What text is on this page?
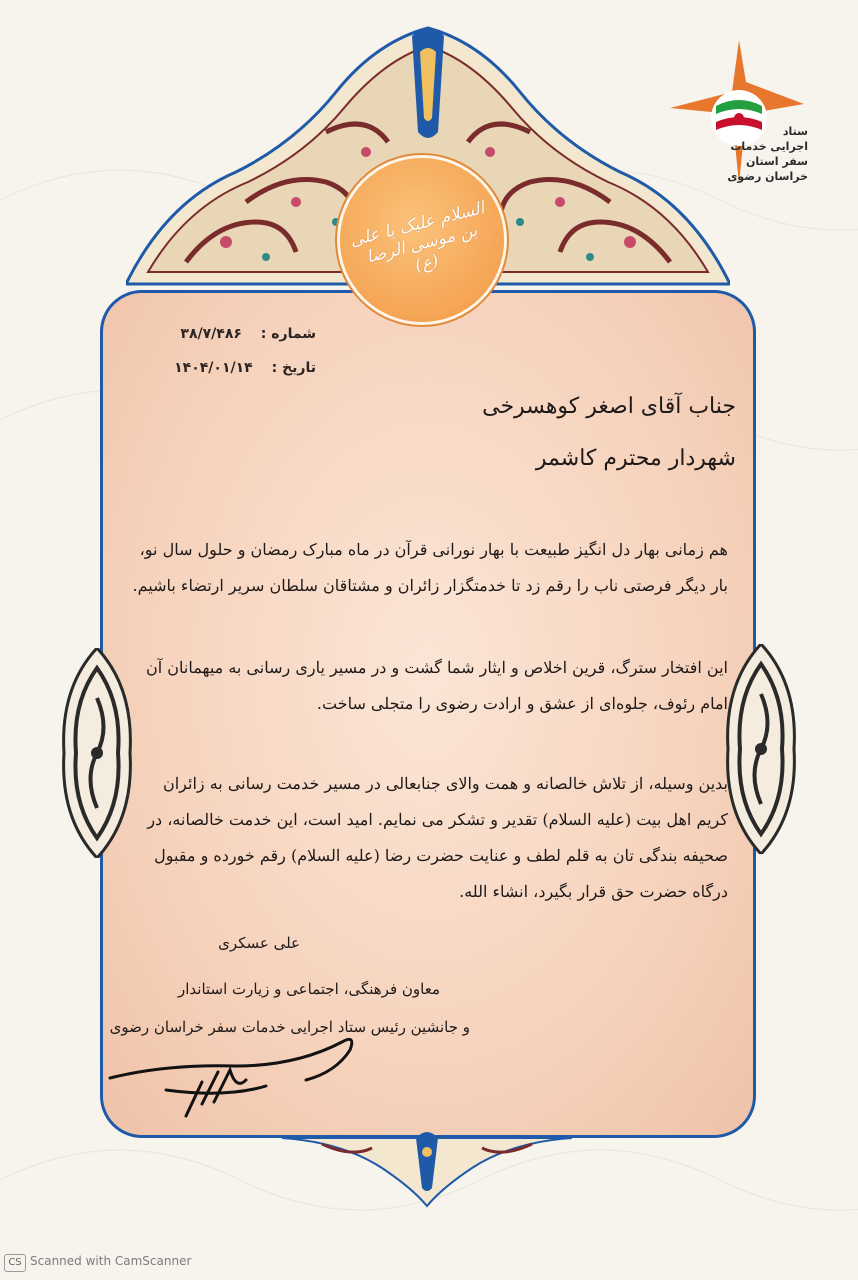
ستاد
اجرایی خدمات
سفر استان
خراسان رضوی
السلام علیک یا علی بن موسی الرضا (ع)
شماره : ۳۸/۷/۴۸۶
تاریخ : ۱۴۰۴/۰۱/۱۴
جناب آقای اصغر کوهسرخی
شهردار محترم کاشمر
هم زمانی بهار دل انگیز طبیعت با بهار نورانی قرآن در ماه مبارک رمضان و حلول سال نو، بار دیگر فرصتی ناب را رقم زد تا خدمتگزار زائران و مشتاقان سلطان سریر ارتضاء باشیم.
این افتخار سترگ، قرین اخلاص و ایثار شما گشت و در مسیر یاری رسانی به میهمانان آن امام رئوف، جلوه‌ای از عشق و ارادت رضوی را متجلی ساخت.
بدین وسیله، از تلاش خالصانه و همت والای جنابعالی در مسیر خدمت رسانی به زائران کریم اهل بیت (علیه السلام) تقدیر و تشکر می نمایم. امید است، این خدمت خالصانه، در صحیفه بندگی تان به قلم لطف و عنایت حضرت رضا (علیه السلام) رقم خورده و مقبول درگاه حضرت حق قرار بگیرد، انشاء الله.
علی عسکری
معاون فرهنگی، اجتماعی و زیارت استاندار
و جانشین رئیس ستاد اجرایی خدمات سفر خراسان رضوی
CS Scanned with CamScanner
